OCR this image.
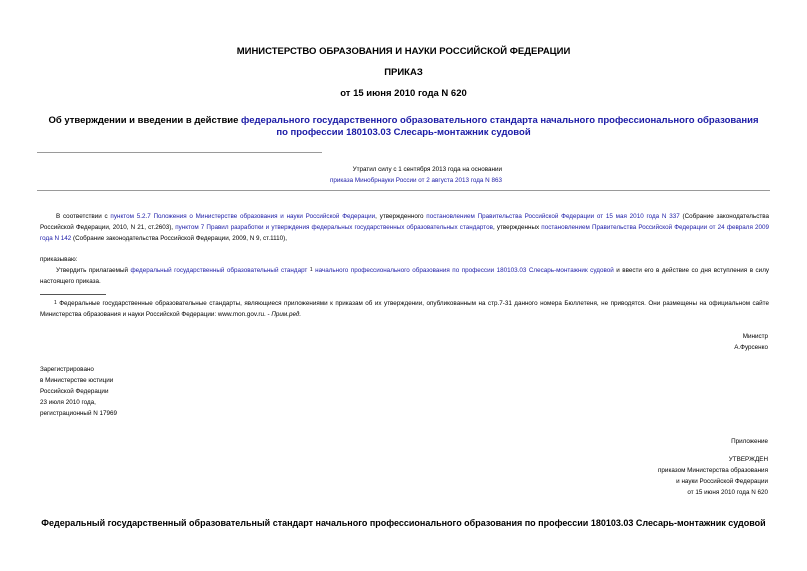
МИНИСТЕРСТВО ОБРАЗОВАНИЯ И НАУКИ РОССИЙСКОЙ ФЕДЕРАЦИИ
ПРИКАЗ
от 15 июня 2010 года N 620
Об утверждении и введении в действие федерального государственного образовательного стандарта начального профессионального образования по профессии 180103.03 Слесарь-монтажник судовой
Утратил силу с 1 сентября 2013 года на основании
приказа Минобрнауки России от 2 августа 2013 года N 863
В соответствии с пунктом 5.2.7 Положения о Министерстве образования и науки Российской Федерации, утвержденного постановлением Правительства Российской Федерации от 15 мая 2010 года N 337 (Собрание законодательства Российской Федерации, 2010, N 21, ст.2603), пунктом 7 Правил разработки и утверждения федеральных государственных образовательных стандартов, утвержденных постановлением Правительства Российской Федерации от 24 февраля 2009 года N 142 (Собрание законодательства Российской Федерации, 2009, N 9, ст.1110),
приказываю:
Утвердить прилагаемый федеральный государственный образовательный стандарт 1 начального профессионального образования по профессии 180103.03 Слесарь-монтажник судовой и ввести его в действие со дня вступления в силу настоящего приказа.
1 Федеральные государственные образовательные стандарты, являющиеся приложениями к приказам об их утверждении, опубликованным на стр.7-31 данного номера Бюллетеня, не приводятся. Они размещены на официальном сайте Министерства образования и науки Российской Федерации: www.mon.gov.ru. - Прим.ред.
Министр
А.Фурсенко

Зарегистрировано

в Министерстве юстиции

Российской Федерации

23 июля 2010 года,

регистрационный N 17969

Приложение
УТВЕРЖДЕН

приказом Министерства образования

и науки Российской Федерации

от 15 июня 2010 года N 620

Федеральный государственный образовательный стандарт начального профессионального образования по профессии 180103.03 Слесарь-монтажник судовой
